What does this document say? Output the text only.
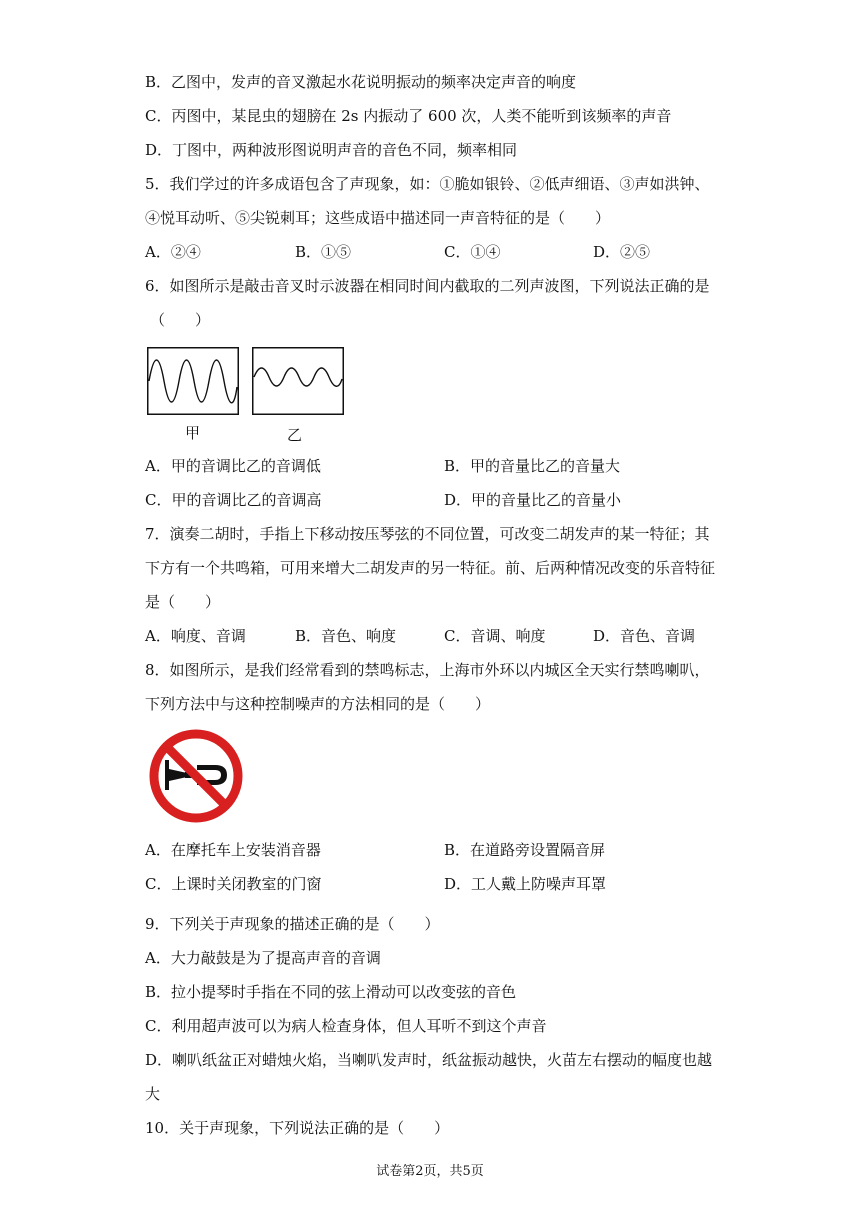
B．乙图中，发声的音叉激起水花说明振动的频率决定声音的响度
C．丙图中，某昆虫的翅膀在 2s 内振动了 600 次，人类不能听到该频率的声音
D．丁图中，两种波形图说明声音的音色不同，频率相同
5．我们学过的许多成语包含了声现象，如：①脆如银铃、②低声细语、③声如洪钟、
④悦耳动听、⑤尖锐刺耳；这些成语中描述同一声音特征的是（　　）
A．②④	B．①⑤	C．①④	D．②⑤
6．如图所示是敲击音叉时示波器在相同时间内截取的二列声波图，下列说法正确的是
（　　）
甲	乙
A．甲的音调比乙的音调低	B．甲的音量比乙的音量大
C．甲的音调比乙的音调高	D．甲的音量比乙的音量小
7．演奏二胡时，手指上下移动按压琴弦的不同位置，可改变二胡发声的某一特征；其
下方有一个共鸣箱，可用来增大二胡发声的另一特征。前、后两种情况改变的乐音特征
是（　　）
A．响度、音调	B．音色、响度	C．音调、响度	D．音色、音调
8．如图所示，是我们经常看到的禁鸣标志，上海市外环以内城区全天实行禁鸣喇叭，
下列方法中与这种控制噪声的方法相同的是（　　）
A．在摩托车上安装消音器	B．在道路旁设置隔音屏
C．上课时关闭教室的门窗	D．工人戴上防噪声耳罩
9．下列关于声现象的描述正确的是（　　）
A．大力敲鼓是为了提高声音的音调
B．拉小提琴时手指在不同的弦上滑动可以改变弦的音色
C．利用超声波可以为病人检查身体，但人耳听不到这个声音
D．喇叭纸盆正对蜡烛火焰，当喇叭发声时，纸盆振动越快，火苗左右摆动的幅度也越
大
10．关于声现象，下列说法正确的是（　　）
试卷第2页，共5页
